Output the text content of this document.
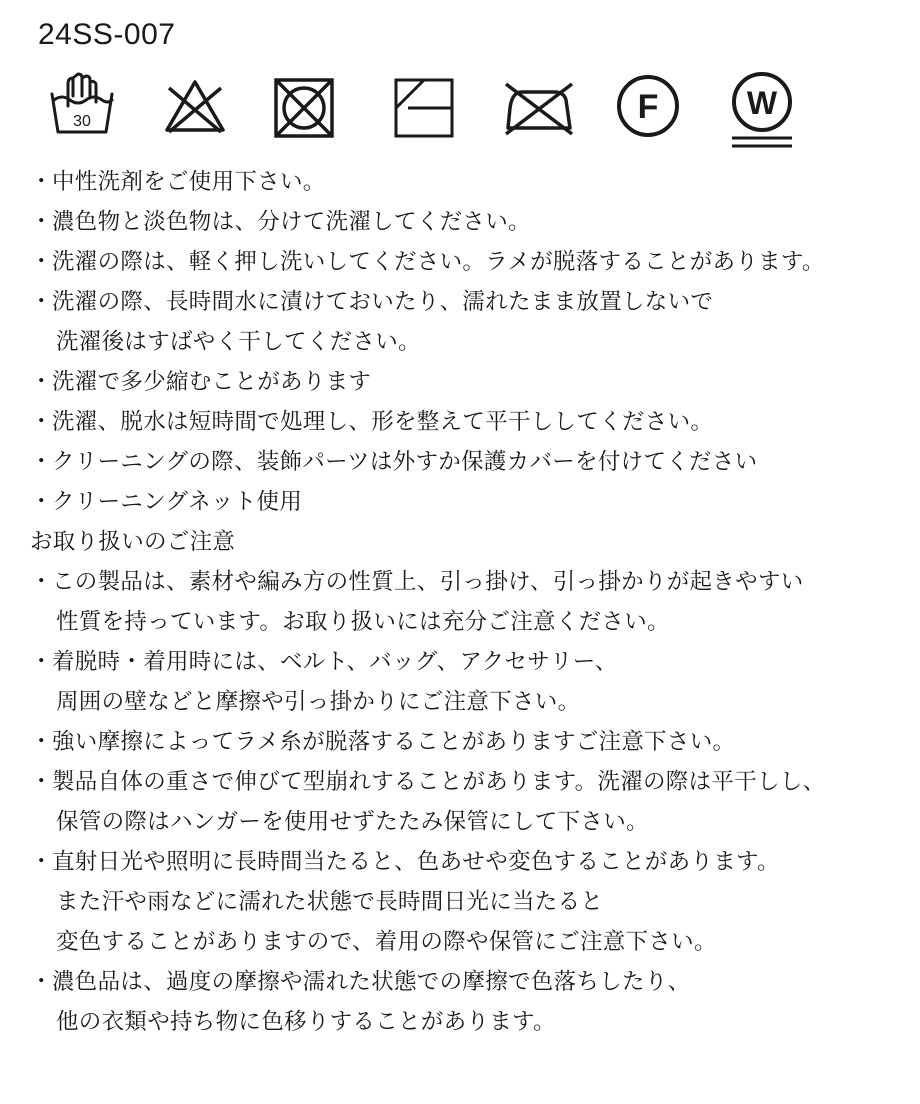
24SS-007
30	F	W
・中性洗剤をご使用下さい。
・濃色物と淡色物は、分けて洗濯してください。
・洗濯の際は、軽く押し洗いしてください。ラメが脱落することがあります。
・洗濯の際、長時間水に漬けておいたり、濡れたまま放置しないで
洗濯後はすばやく干してください。
・洗濯で多少縮むことがあります
・洗濯、脱水は短時間で処理し、形を整えて平干ししてください。
・クリーニングの際、装飾パーツは外すか保護カバーを付けてください
・クリーニングネット使用
お取り扱いのご注意
・この製品は、素材や編み方の性質上、引っ掛け、引っ掛かりが起きやすい
性質を持っています。お取り扱いには充分ご注意ください。
・着脱時・着用時には、ベルト、バッグ、アクセサリー、
周囲の壁などと摩擦や引っ掛かりにご注意下さい。
・強い摩擦によってラメ糸が脱落することがありますご注意下さい。
・製品自体の重さで伸びて型崩れすることがあります。洗濯の際は平干しし、
保管の際はハンガーを使用せずたたみ保管にして下さい。
・直射日光や照明に長時間当たると、色あせや変色することがあります。
また汗や雨などに濡れた状態で長時間日光に当たると
変色することがありますので、着用の際や保管にご注意下さい。
・濃色品は、過度の摩擦や濡れた状態での摩擦で色落ちしたり、
他の衣類や持ち物に色移りすることがあります。
